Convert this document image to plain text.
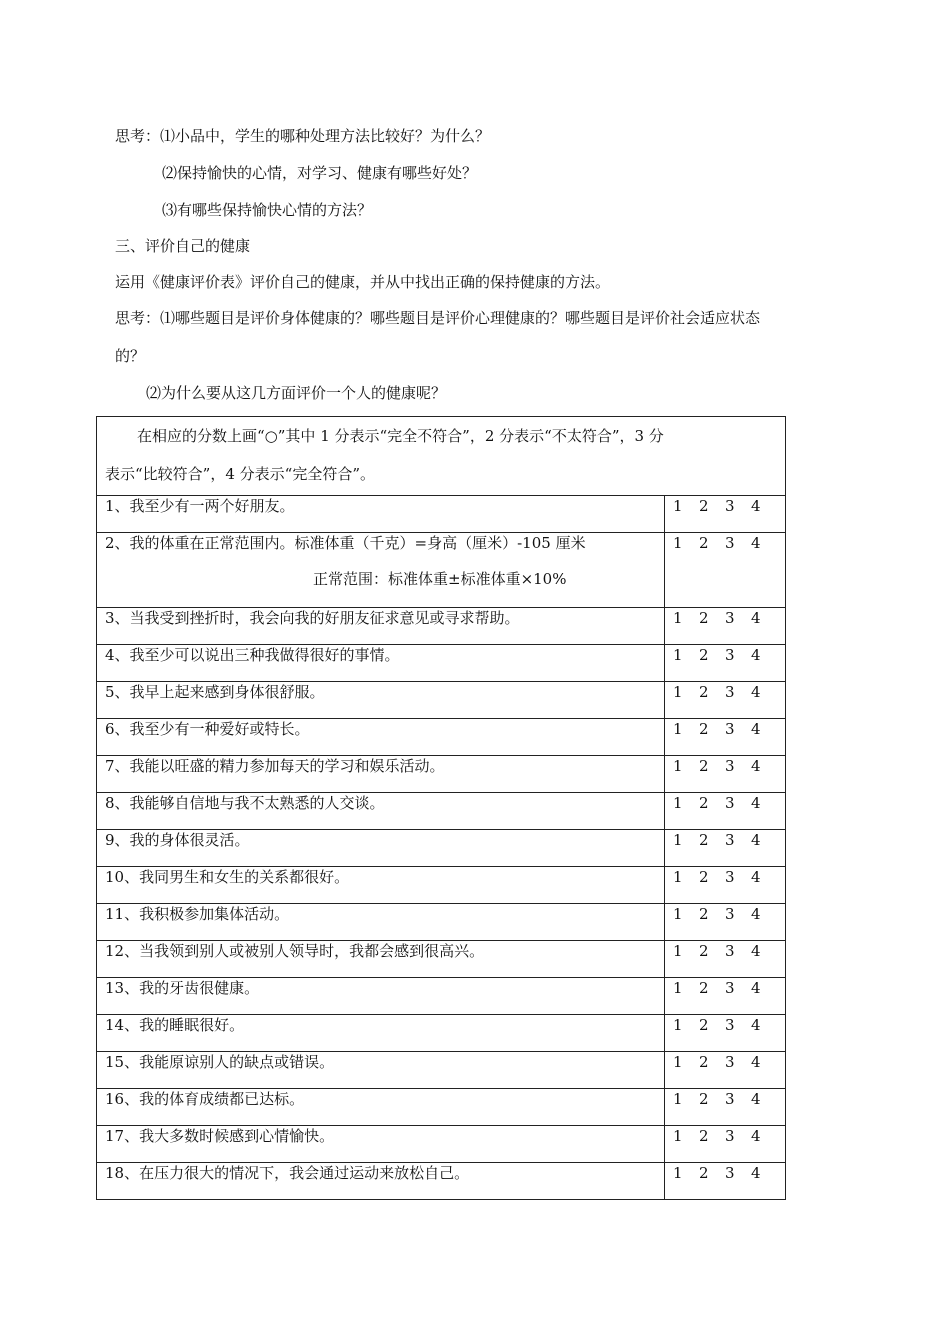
思考：⑴小品中，学生的哪种处理方法比较好？为什么？
⑵保持愉快的心情，对学习、健康有哪些好处？
⑶有哪些保持愉快心情的方法？
三、评价自己的健康
运用《健康评价表》评价自己的健康，并从中找出正确的保持健康的方法。
思考：⑴哪些题目是评价身体健康的？哪些题目是评价心理健康的？哪些题目是评价社会适应状态
的？
⑵为什么要从这几方面评价一个人的健康呢？
在相应的分数上画“○”其中 1 分表示“完全不符合”，2 分表示“不太符合”，3 分
表示“比较符合”，4 分表示“完全符合”。	

1、我至少有一两个好朋友。	1 2 3 4
2、我的体重在正常范围内。标准体重（千克）=身高（厘米）-105 厘米
正常范围：标准体重±标准体重×10%	1 2 3 4
3、当我受到挫折时，我会向我的好朋友征求意见或寻求帮助。	1 2 3 4
4、我至少可以说出三种我做得很好的事情。	1 2 3 4
5、我早上起来感到身体很舒服。	1 2 3 4
6、我至少有一种爱好或特长。	1 2 3 4
7、我能以旺盛的精力参加每天的学习和娱乐活动。	1 2 3 4
8、我能够自信地与我不太熟悉的人交谈。	1 2 3 4
9、我的身体很灵活。	1 2 3 4
10、我同男生和女生的关系都很好。	1 2 3 4
11、我积极参加集体活动。	1 2 3 4
12、当我领到别人或被别人领导时，我都会感到很高兴。	1 2 3 4
13、我的牙齿很健康。	1 2 3 4
14、我的睡眠很好。	1 2 3 4
15、我能原谅别人的缺点或错误。	1 2 3 4
16、我的体育成绩都已达标。	1 2 3 4
17、我大多数时候感到心情愉快。	1 2 3 4
18、在压力很大的情况下，我会通过运动来放松自己。	1 2 3 4
